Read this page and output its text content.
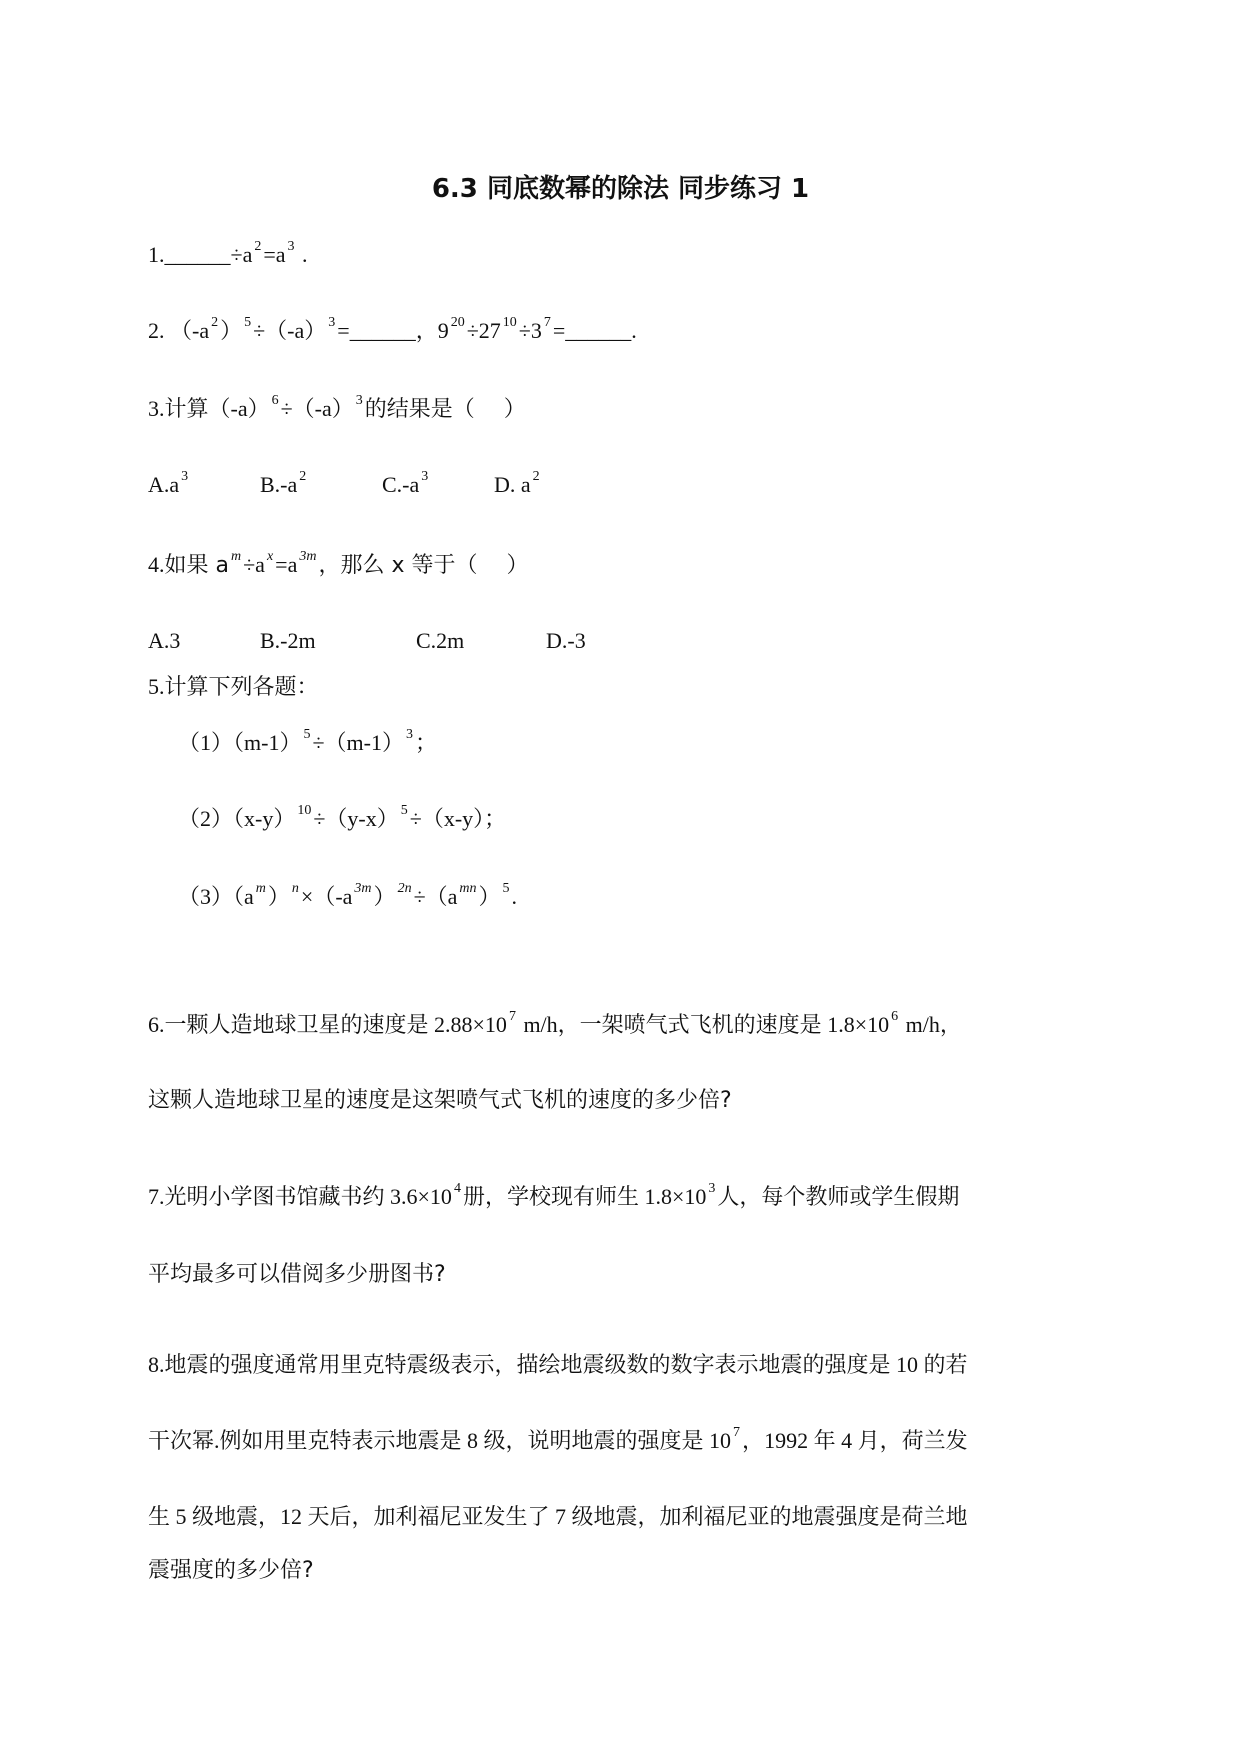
6.3 同底数幂的除法 同步练习 1
1.______÷a $^2$=a $^3$ .
2. （-a $^2$） $^5$÷（-a） $^3$=______，9 $^{20}$÷27 $^{10}$÷3 $^7$=______.
3.计算（-a） $^6$÷（-a） $^3$的结果是（　 ）
A.a $^3$	B.-a $^2$	C.-a $^3$	D. a $^2$
4.如果 a $^m$÷a $^x$=a $^{3m}$，那么 x 等于（　 ）
A.3	B.-2m	C.2m	D.-3
5.计算下列各题：
（1）（m-1） $^5$÷（m-1） $^3$；
（2）（x-y） $^{10}$÷（y-x） $^5$÷（x-y）；
（3）（a $^m$） $^n$×（-a $^{3m}$） $^{2n}$÷（a $^{mn}$） $^5$.
6.一颗人造地球卫星的速度是 2.88×10 $^7$ m/h，一架喷气式飞机的速度是 1.8×10 $^6$ m/h，
这颗人造地球卫星的速度是这架喷气式飞机的速度的多少倍?
7.光明小学图书馆藏书约 3.6×10 $^4$册，学校现有师生 1.8×10 $^3$人，每个教师或学生假期
平均最多可以借阅多少册图书?
8.地震的强度通常用里克特震级表示，描绘地震级数的数字表示地震的强度是 10 的若
干次幂.例如用里克特表示地震是 8 级，说明地震的强度是 10 $^7$，1992 年 4 月，荷兰发
生 5 级地震，12 天后，加利福尼亚发生了 7 级地震，加利福尼亚的地震强度是荷兰地
震强度的多少倍?
